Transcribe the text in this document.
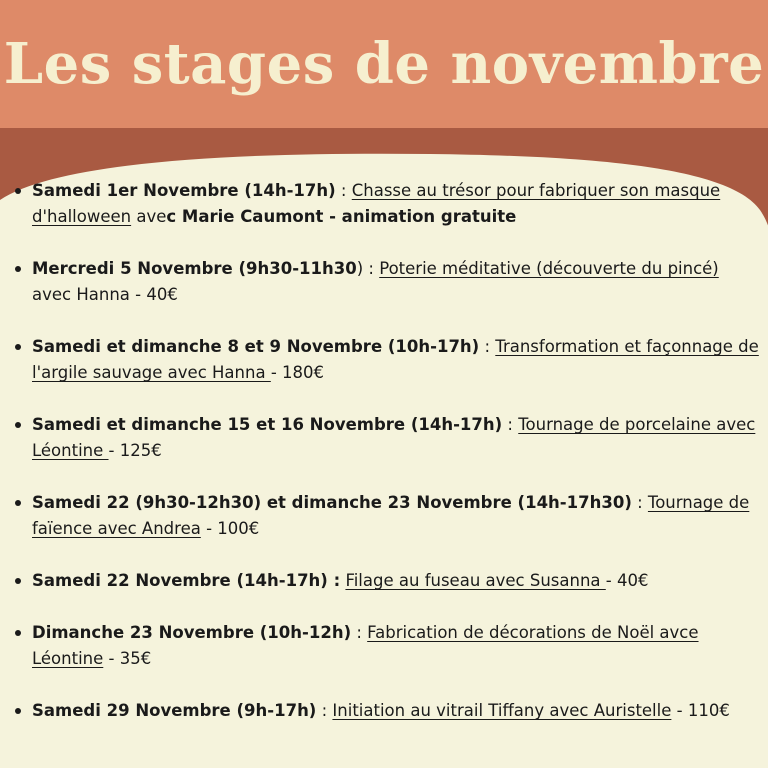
Les stages de novembre
Samedi 1er Novembre (14h-17h) : Chasse au trésor pour fabriquer son masque d'halloween avec Marie Caumont - animation gratuite
Mercredi 5 Novembre (9h30-11h30) : Poterie méditative (découverte du pincé) avec Hanna - 40€
Samedi et dimanche 8 et 9 Novembre (10h-17h) : Transformation et façonnage de l'argile sauvage avec Hanna - 180€
Samedi et dimanche 15 et 16 Novembre (14h-17h) : Tournage de porcelaine avec Léontine - 125€
Samedi 22 (9h30-12h30) et dimanche 23 Novembre (14h-17h30) : Tournage de faïence avec Andrea - 100€
Samedi 22 Novembre (14h-17h) : Filage au fuseau avec Susanna - 40€
Dimanche 23 Novembre (10h-12h) : Fabrication de décorations de Noël avce Léontine - 35€
Samedi 29 Novembre (9h-17h) : Initiation au vitrail Tiffany avec Auristelle - 110€
